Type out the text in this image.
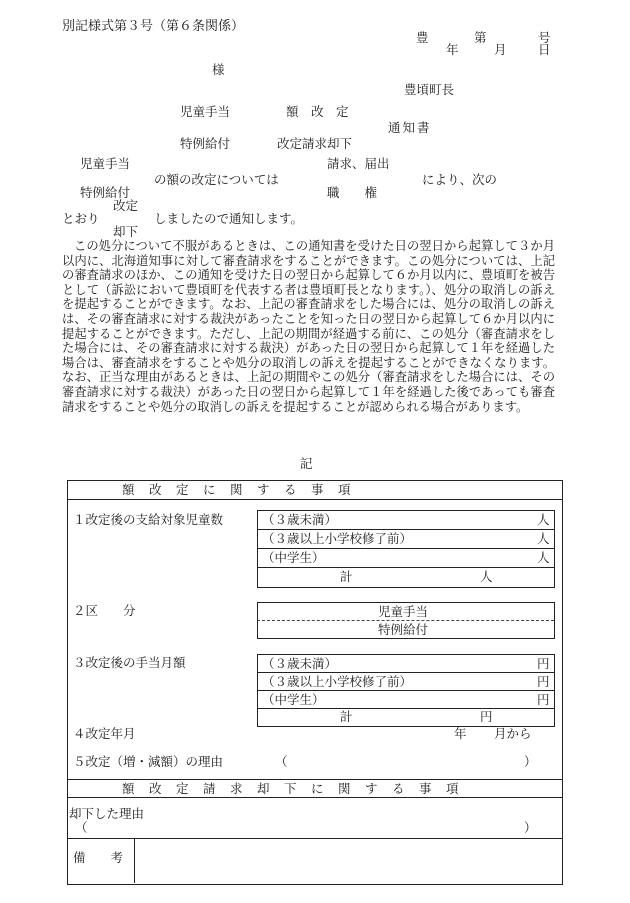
別記様式第３号（第６条関係）
豊	第	号
年	月	日
様
豊頃町長
児童手当	額　改　定
通知書
特例給付	改定請求却下
児童手当	請求、届出
の額の改定については	により、次の
特例給付	職　　権
改定
とおり	しましたので通知します。
却下
この処分について不服があるときは、この通知書を受けた日の翌日から起算して３か月以内に、北海道知事に対して審査請求をすることができます。この処分については、上記の審査請求のほか、この通知を受けた日の翌日から起算して６か月以内に、豊頃町を被告として（訴訟において豊頃町を代表する者は豊頃町長となります。）、処分の取消しの訴えを提起することができます。なお、上記の審査請求をした場合には、処分の取消しの訴えは、その審査請求に対する裁決があったことを知った日の翌日から起算して６か月以内に提起することができます。ただし、上記の期間が経過する前に、この処分（審査請求をした場合には、その審査請求に対する裁決）があった日の翌日から起算して１年を経過した場合は、審査請求をすることや処分の取消しの訴えを提起することができなくなります。なお、正当な理由があるときは、上記の期間やこの処分（審査請求をした場合には、その審査請求に対する裁決）があった日の翌日から起算して１年を経過した後であっても審査請求をすることや処分の取消しの訴えを提起することが認められる場合があります。
記
額　改　定　に　関　す　る　事　項
１改定後の支給対象児童数	（３歳未満）	人
（３歳以上小学校修了前）	人
（中学生）	人
計	人
２区　　分	児童手当
特例給付
３改定後の手当月額	（３歳未満）	円
（３歳以上小学校修了前）	円
（中学生）	円
計	円
４改定年月	年 月から
５改定（増・減額）の理由	（	）
額　改　定　請　求　却　下　に　関　す　る　事　項
却下した理由
（	）
備　　考
